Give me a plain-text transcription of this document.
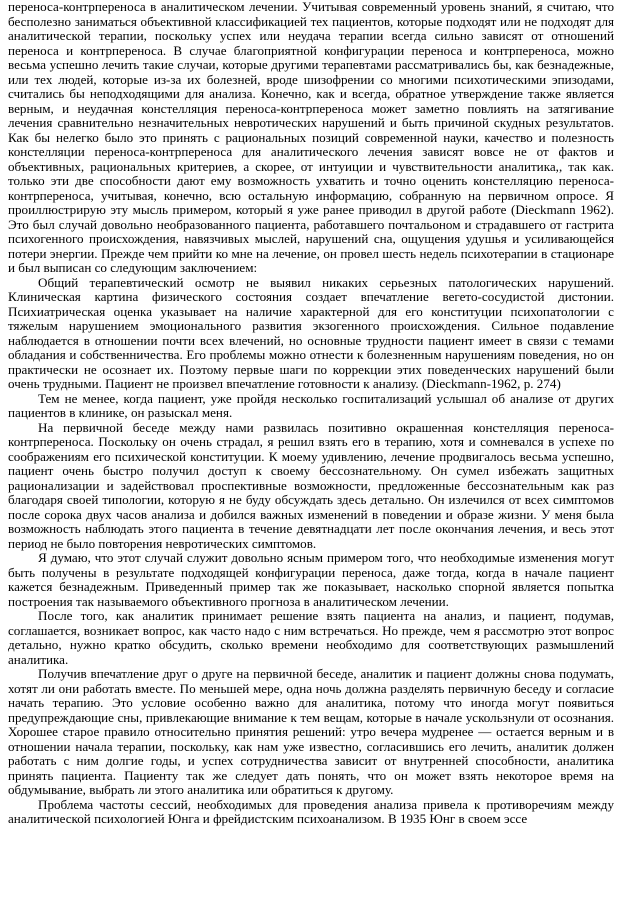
переноса-контрпереноса в аналитическом лечении. Учитывая современный уровень знаний, я считаю, что бесполезно заниматься объективной классификацией тех пациентов, которые подходят или не подходят для аналитической терапии, поскольку успех или неудача терапии всегда сильно зависят от отношений переноса и контрпереноса. В случае благоприятной конфигурации переноса и контрпереноса, можно весьма успешно лечить такие случаи, которые другими терапевтами рассматривались бы, как безнадежные, или тех людей, которые из-за их болезней, вроде шизофрении со многими психотическими эпизодами, считались бы неподходящими для анализа. Конечно, как и всегда, обратное утверждение также является верным, и неудачная констелляция переноса-контрпереноса может заметно повлиять на затягивание лечения сравнительно незначительных невротических нарушений и быть причиной скудных результатов. Как бы нелегко было это принять с рациональных позиций современной науки, качество и полезность констелляции переноса-контрпереноса для аналитического лечения зависят вовсе не от фактов и объективных, рациональных критериев, а скорее, от интуиции и чувствительности аналитика,, так как. только эти две способности дают ему возможность ухватить и точно оценить констелляцию переноса-контрпереноса, учитывая, конечно, всю остальную информацию, собранную на первичном опросе. Я проиллюстрирую эту мысль примером, который я уже ранее приводил в другой работе (Dieckmann 1962). Это был случай довольно необразованного пациента, работавшего почтальоном и страдавшего от гастрита психогенного происхождения, навязчивых мыслей, нарушений сна, ощущения удушья и усиливающейся потери энергии. Прежде чем прийти ко мне на лечение, он провел шесть недель психотерапии в стационаре и был выписан со следующим заключением:

Общий терапевтический осмотр не выявил никаких серьезных патологических нарушений. Клиническая картина физического состояния создает впечатление вегето-сосудистой дистонии. Психиатрическая оценка указывает на наличие характерной для его конституции психопатологии с тяжелым нарушением эмоционального развития экзогенного происхождения. Сильное подавление наблюдается в отношении почти всех влечений, но основные трудности пациент имеет в связи с темами обладания и собственничества. Его проблемы можно отнести к болезненным нарушениям поведения, но он практически не осознает их. Поэтому первые шаги по коррекции этих поведенческих нарушений были очень трудными. Пациент не произвел впечатление готовности к анализу. (Dieckmann-1962, р. 274)

Тем не менее, когда пациент, уже пройдя несколько госпитализаций услышал об анализе от других пациентов в клинике, он разыскал меня.

На первичной беседе между нами развилась позитивно окрашенная констелляция переноса-контрпереноса. Поскольку он очень страдал, я решил взять его в терапию, хотя и сомневался в успехе по соображениям его психической конституции. К моему удивлению, лечение продвигалось весьма успешно, пациент очень быстро получил доступ к своему бессознательному. Он сумел избежать защитных рационализации и задействовал проспективные возможности, предложенные бессознательным как раз благодаря своей типологии, которую я не буду обсуждать здесь детально. Он излечился от всех симптомов после сорока двух часов анализа и добился важных изменений в поведении и образе жизни. У меня была возможность наблюдать этого пациента в течение девятнадцати лет после окончания лечения, и весь этот период не было повторения невротических симптомов.

Я думаю, что этот случай служит довольно ясным примером того, что необходимые изменения могут быть получены в результате подходящей конфигурации переноса, даже тогда, когда в начале пациент кажется безнадежным. Приведенный пример так же показывает, насколько спорной является попытка построения так называемого объективного прогноза в аналитическом лечении.

После того, как аналитик принимает решение взять пациента на анализ, и пациент, подумав, соглашается, возникает вопрос, как часто надо с ним встречаться. Но прежде, чем я рассмотрю этот вопрос детально, нужно кратко обсудить, сколько времени необходимо для соответствующих размышлений аналитика.

Получив впечатление друг о друге на первичной беседе, аналитик и пациент должны снова подумать, хотят ли они работать вместе. По меньшей мере, одна ночь должна разделять первичную беседу и согласие начать терапию. Это условие особенно важно для аналитика, потому что иногда могут появиться предупреждающие сны, привлекающие внимание к тем вещам, которые в начале ускользнули от осознания. Хорошее старое правило относительно принятия решений: утро вечера мудренее — остается верным и в отношении начала терапии, поскольку, как нам уже известно, согласившись его лечить, аналитик должен работать с ним долгие годы, и успех сотрудничества зависит от внутренней способности, аналитика принять пациента. Пациенту так же следует дать понять, что он может взять некоторое время на обдумывание, выбрать ли этого аналитика или обратиться к другому.

Проблема частоты сессий, необходимых для проведения анализа привела к противоречиям между аналитической психологией Юнга и фрейдистским психоанализом. В 1935 Юнг в своем эссе
